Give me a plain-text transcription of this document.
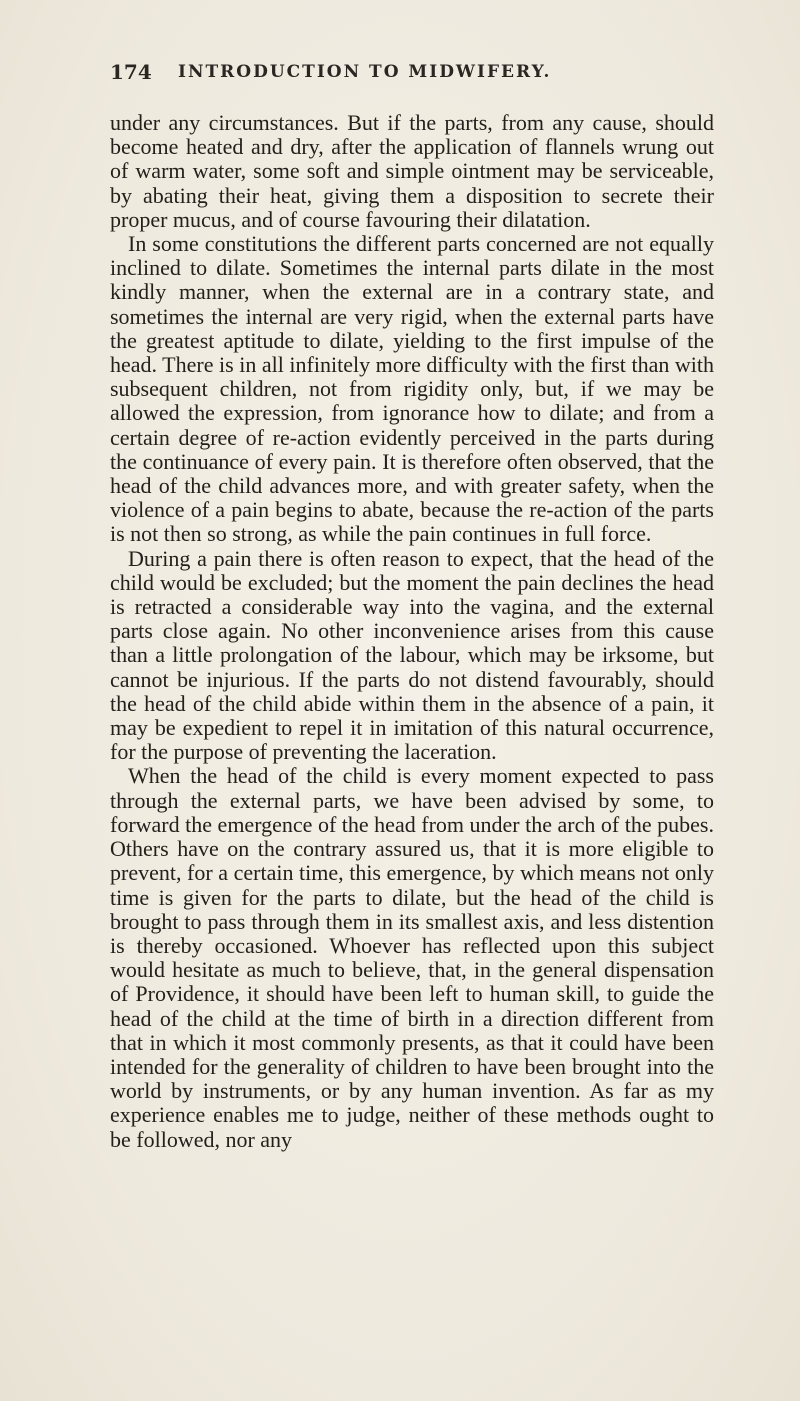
174 INTRODUCTION TO MIDWIFERY.

under any circumstances. But if the parts, from any cause, should become heated and dry, after the application of flannels wrung out of warm water, some soft and simple ointment may be serviceable, by abating their heat, giving them a disposition to secrete their proper mucus, and of course favouring their dilatation.

In some constitutions the different parts concerned are not equally inclined to dilate. Sometimes the internal parts dilate in the most kindly manner, when the external are in a contrary state, and sometimes the internal are very rigid, when the external parts have the greatest aptitude to dilate, yielding to the first impulse of the head. There is in all infinitely more difficulty with the first than with subsequent children, not from rigidity only, but, if we may be allowed the expression, from ignorance how to dilate; and from a certain degree of re-action evidently perceived in the parts during the continuance of every pain. It is therefore often observed, that the head of the child advances more, and with greater safety, when the violence of a pain begins to abate, because the re-action of the parts is not then so strong, as while the pain continues in full force.

During a pain there is often reason to expect, that the head of the child would be excluded; but the moment the pain declines the head is retracted a considerable way into the vagina, and the external parts close again. No other inconvenience arises from this cause than a little prolongation of the labour, which may be irksome, but cannot be injurious. If the parts do not distend favourably, should the head of the child abide within them in the absence of a pain, it may be expedient to repel it in imitation of this natural occurrence, for the purpose of preventing the laceration.

When the head of the child is every moment expected to pass through the external parts, we have been advised by some, to forward the emergence of the head from under the arch of the pubes. Others have on the contrary assured us, that it is more eligible to prevent, for a certain time, this emergence, by which means not only time is given for the parts to dilate, but the head of the child is brought to pass through them in its smallest axis, and less distention is thereby occasioned. Whoever has reflected upon this subject would hesitate as much to believe, that, in the general dispensation of Providence, it should have been left to human skill, to guide the head of the child at the time of birth in a direction different from that in which it most commonly presents, as that it could have been intended for the generality of children to have been brought into the world by instruments, or by any human invention. As far as my experience enables me to judge, neither of these methods ought to be followed, nor any
